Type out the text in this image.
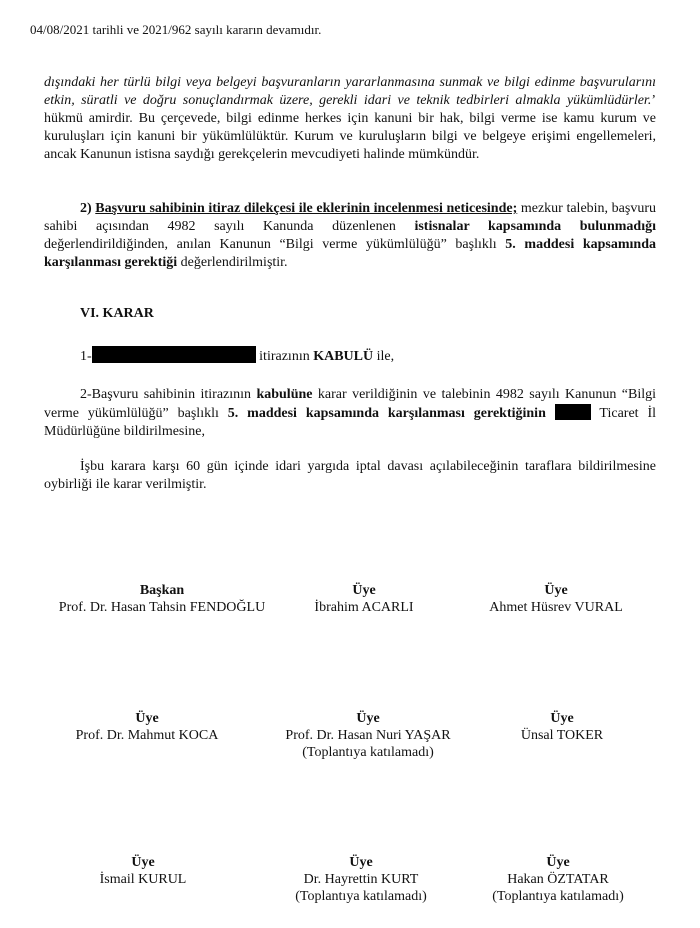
04/08/2021 tarihli ve 2021/962 sayılı kararın devamıdır.
dışındaki her türlü bilgi veya belgeyi başvuranların yararlanmasına sunmak ve bilgi edinme başvurularını etkin, süratli ve doğru sonuçlandırmak üzere, gerekli idari ve teknik tedbirleri almakla yükümlüdürler.’ hükmü amirdir. Bu çerçevede, bilgi edinme herkes için kanuni bir hak, bilgi verme ise kamu kurum ve kuruluşları için kanuni bir yükümlülüktür. Kurum ve kuruluşların bilgi ve belgeye erişimi engellemeleri, ancak Kanunun istisna saydığı gerekçelerin mevcudiyeti halinde mümkündür.
2) Başvuru sahibinin itiraz dilekçesi ile eklerinin incelenmesi neticesinde; mezkur talebin, başvuru sahibi açısından 4982 sayılı Kanunda düzenlenen istisnalar kapsamında bulunmadığı değerlendirildiğinden, anılan Kanunun “Bilgi verme yükümlülüğü” başlıklı 5. maddesi kapsamında karşılanması gerektiği değerlendirilmiştir.
VI. KARAR
1-	itirazının KABULÜ ile,
2-Başvuru sahibinin itirazının kabulüne karar verildiğinin ve talebinin 4982 sayılı Kanunun “Bilgi verme yükümlülüğü” başlıklı 5. maddesi kapsamında karşılanması gerektiğinin	Ticaret İl Müdürlüğüne bildirilmesine,
İşbu karara karşı 60 gün içinde idari yargıda iptal davası açılabileceğinin taraflara bildirilmesine oybirliği ile karar verilmiştir.
Başkan
Prof. Dr. Hasan Tahsin FENDOĞLU
Üye
İbrahim ACARLI
Üye
Ahmet Hüsrev VURAL
Üye
Prof. Dr. Mahmut KOCA
Üye
Prof. Dr. Hasan Nuri YAŞAR
(Toplantıya katılamadı)
Üye
Ünsal TOKER
Üye
İsmail KURUL
Üye
Dr. Hayrettin KURT
(Toplantıya katılamadı)
Üye
Hakan ÖZTATAR
(Toplantıya katılamadı)
